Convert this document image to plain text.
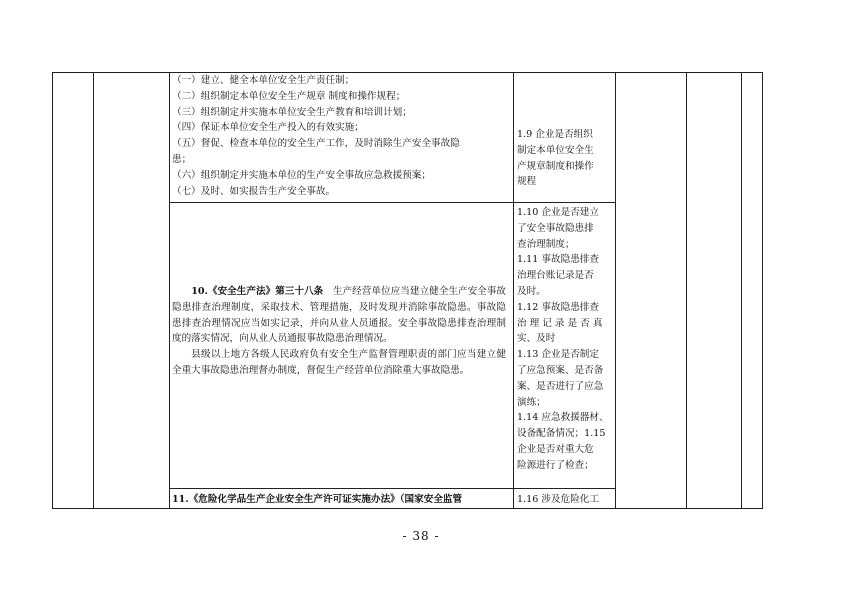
（一）建立、健全本单位安全生产责任制；
（二）组织制定本单位安全生产规章 制度和操作规程；
（三）组织制定并实施本单位安全生产教育和培训计划；
（四）保证本单位安全生产投入的有效实施；
（五）督促、检查本单位的安全生产工作，及时消除生产安全事故隐
患；
（六）组织制定并实施本单位的生产安全事故应急救援预案；
（七）及时、如实报告生产安全事故。
1.9 企业是否组织
制定本单位安全生
产规章制度和操作
规程

10.《安全生产法》第三十八条　 生产经营单位应当建立健全生产安全事故隐患排查治理制度，采取技术、管理措施，及时发现并消除事故隐患。事故隐患排查治理情况应当如实记录，并向从业人员通报。安全事故隐患排查治理制度的落实情况，向从业人员通报事故隐患治理情况。

县级以上地方各级人民政府负有安全生产监督管理职责的部门应当建立健全重大事故隐患治理督办制度，督促生产经营单位消除重大事故隐患。

1.10 企业是否建立
了安全事故隐患排
查治理制度；
1.11 事故隐患排查
治理台账记录是否
及时。
1.12 事故隐患排查
治 理 记 录 是 否 真
实、及时
1.13 企业是否制定
了应急预案、是否备
案、是否进行了应急
演练；
1.14 应急救援器材、
设备配备情况；1.15
企业是否对重大危
险源进行了检查；
11.《危险化学品生产企业安全生产许可证实施办法》（国家安全监管	1.16 涉及危险化工
- 38 -
